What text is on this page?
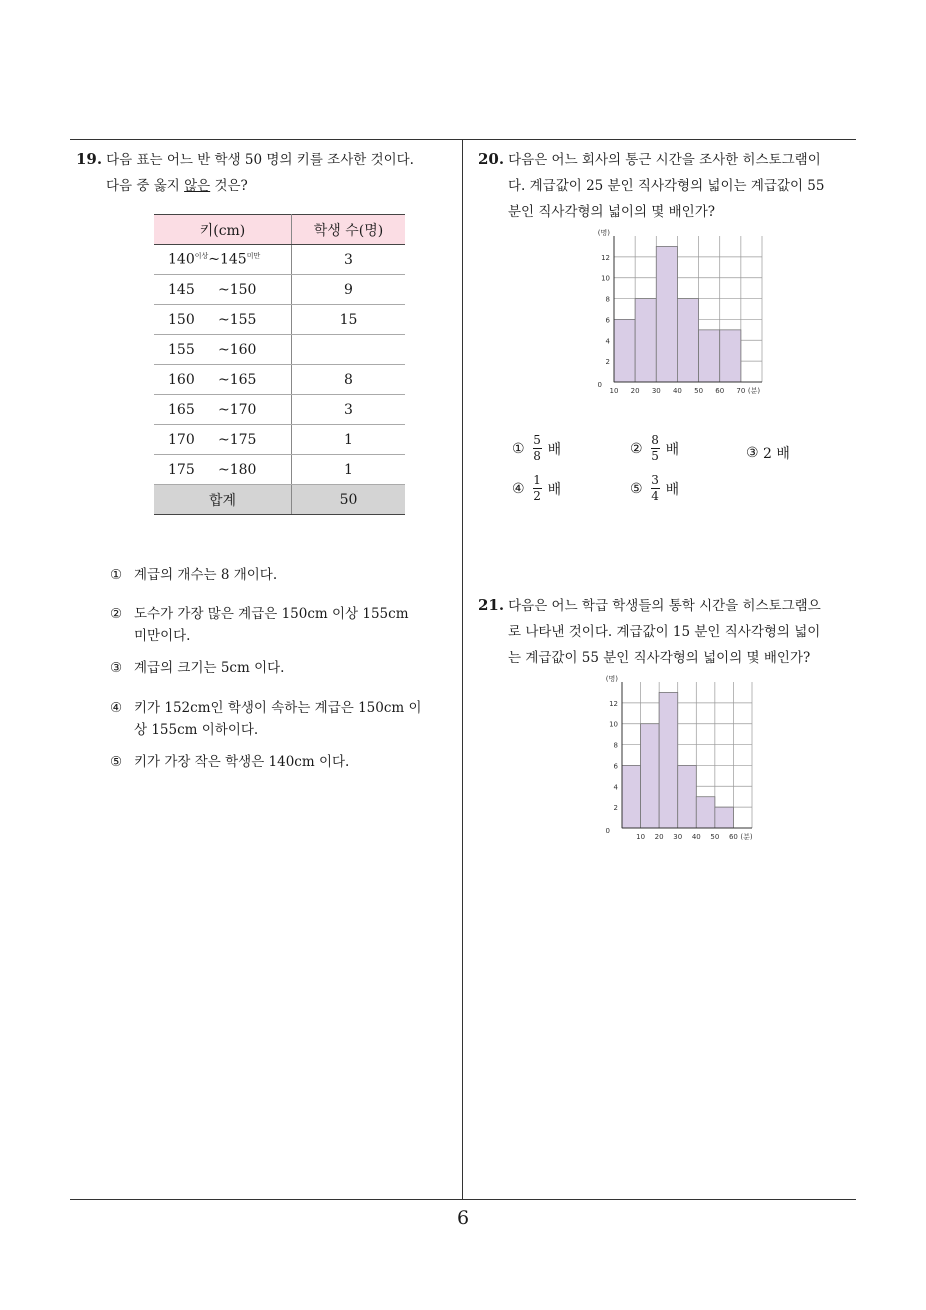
19. 다음 표는 어느 반 학생 50 명의 키를 조사한 것이다.
다음 중 옳지 않은 것은?
키(cm)	학생 수(명)
$140^{이상}\sim 145^{미만}$	3
145 ~150	9
150 ~155	15
155 ~160	
160 ~165	8
165 ~170	3
170 ~175	1
175 ~180	1
합계	50
① 계급의 개수는 8 개이다.
② 도수가 가장 많은 계급은 150cm 이상 155cm
미만이다.
③ 계급의 크기는 5cm 이다.
④ 키가 152cm인 학생이 속하는 계급은 150cm 이
상 155cm 이하이다.
⑤ 키가 가장 작은 학생은 140cm 이다.
20. 다음은 어느 회사의 통근 시간을 조사한 히스토그램이
다. 계급값이 25 분인 직사각형의 넓이는 계급값이 55
분인 직사각형의 넓이의 몇 배인가?
0
2
4
6
8
10
12
10 20 30 40 50 60 70
(명)
(분)
① $\frac{5}{8}$ 배	② $\frac{8}{5}$ 배	③
2 배
④ $\frac{1}{2}$ 배	⑤ $\frac{3}{4}$ 배
21. 다음은 어느 학급 학생들의 통학 시간을 히스토그램으
로 나타낸 것이다. 계급값이 15 분인 직사각형의 넓이
는 계급값이 55 분인 직사각형의 넓이의 몇 배인가?
0
2
4
6
8
10
12
10 20 30 40 50 60
(명)
(분)
6
